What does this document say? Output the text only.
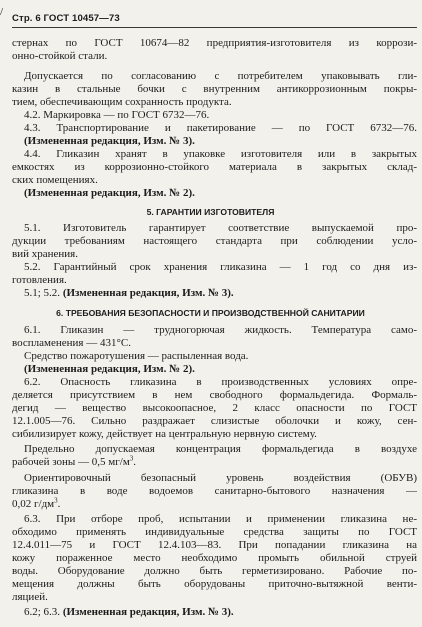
/
Стр. 6 ГОСТ 10457—73

стернах по ГОСТ 10674—82 предприятия-изготовителя из коррози-

онно-стойкой стали.

Допускается по согласованию с потребителем упаковывать гли-

казин в стальные бочки с внутренним антикоррозионным покры-

тием, обеспечивающим сохранность продукта.

4.2. Маркировка — по ГОСТ 6732—76.

4.3. Транспортирование и пакетирование — по ГОСТ 6732—76.

(Измененная редакция, Изм. № 3).

4.4. Гликазин хранят в упаковке изготовителя или в закрытых

емкостях из коррозионно-стойкого материала в закрытых склад-

ских помещениях.

(Измененная редакция, Изм. № 2).

5. ГАРАНТИИ ИЗГОТОВИТЕЛЯ

5.1. Изготовитель гарантирует соответствие выпускаемой про-

дукции требованиям настоящего стандарта при соблюдении усло-

вий хранения.

5.2. Гарантийный срок хранения гликазина — 1 год со дня из-

готовления.

5.1; 5.2. (Измененная редакция, Изм. № 3).

6. ТРЕБОВАНИЯ БЕЗОПАСНОСТИ И ПРОИЗВОДСТВЕННОЙ САНИТАРИИ

6.1. Гликазин — трудногорючая жидкость. Температура само-

воспламенения — 431°С.

Средство пожаротушения — распыленная вода.

(Измененная редакция, Изм. № 2).

6.2. Опасность гликазина в производственных условиях опре-

деляется присутствием в нем свободного формальдегида. Формаль-

дегид — вещество высокоопасное, 2 класс опасности по ГОСТ

12.1.005—76. Сильно раздражает слизистые оболочки и кожу, сен-

сибилизирует кожу, действует на центральную нервную систему.

Предельно допускаемая концентрация формальдегида в воздухе

рабочей зоны — 0,5 $мг/м^3$.

Ориентировочный безопасный уровень воздействия (ОБУВ)

гликазина в воде водоемов санитарно-бытового назначения —

0,02 $г/дм^3$.

6.3. При отборе проб, испытании и применении гликазина не-

обходимо применять индивидуальные средства защиты по ГОСТ

12.4.011—75 и ГОСТ 12.4.103—83. При попадании гликазина на

кожу пораженное место необходимо промыть обильной струей

воды. Оборудование должно быть герметизировано. Рабочие по-

мещения должны быть оборудованы приточно-вытяжной венти-

ляцией.

6.2; 6.3. (Измененная редакция, Изм. № 3).
